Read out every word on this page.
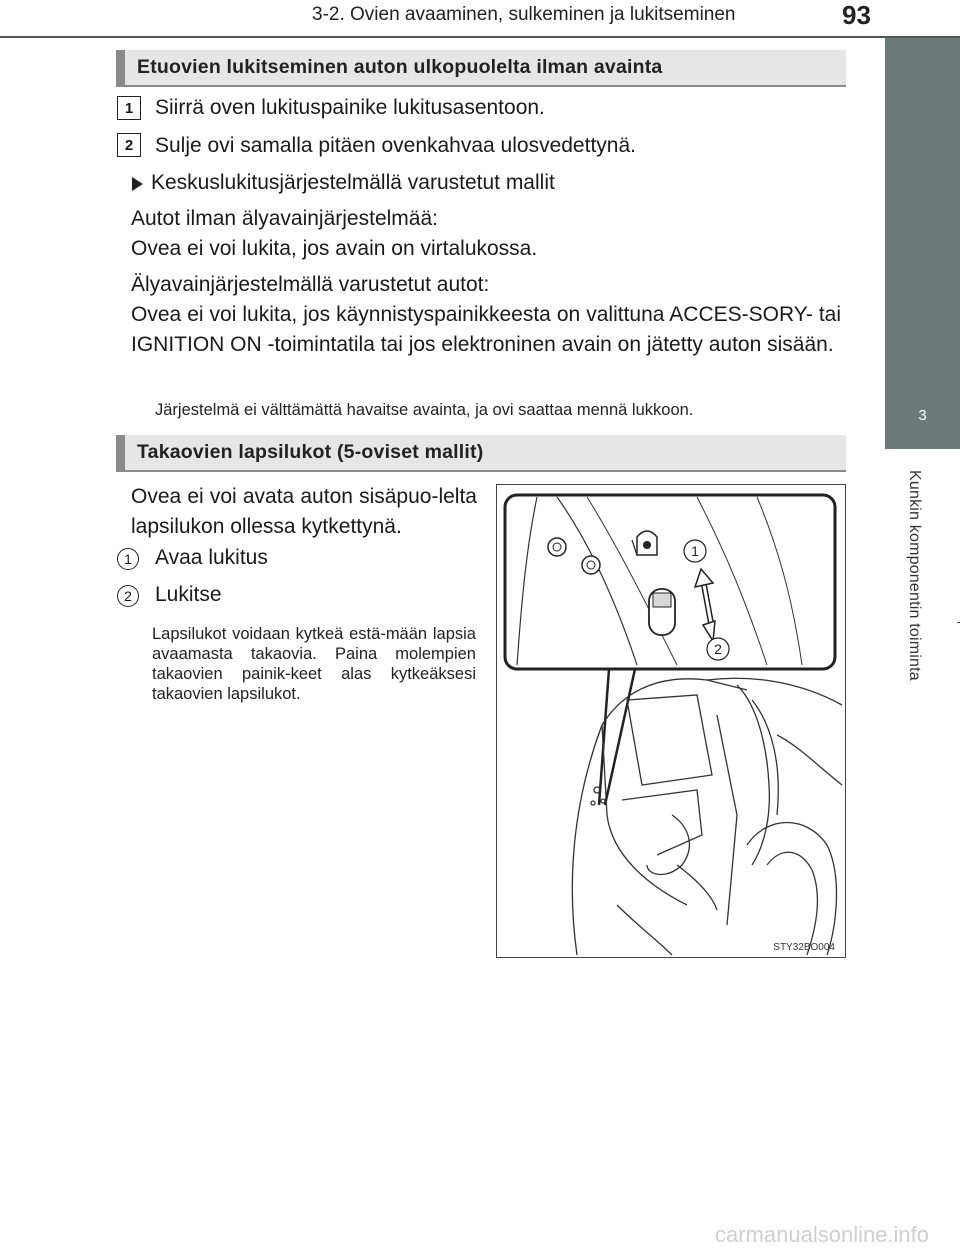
3-2. Ovien avaaminen, sulkeminen ja lukitseminen	93
3
Kunkin komponentin toiminta
Etuovien lukitseminen auton ulkopuolelta ilman avainta
1	Siirrä oven lukituspainike lukitusasentoon.
2	Sulje ovi samalla pitäen ovenkahvaa ulosvedettynä.
Keskuslukitusjärjestelmällä varustetut mallit
Autot ilman älyavainjärjestelmää:
Ovea ei voi lukita, jos avain on virtalukossa.
Älyavainjärjestelmällä varustetut autot:
Ovea ei voi lukita, jos käynnistyspainikkeesta on valittuna ACCES-SORY- tai IGNITION ON -toimintatila tai jos elektroninen avain on jätetty auton sisään.
Järjestelmä ei välttämättä havaitse avainta, ja ovi saattaa mennä lukkoon.
Takaovien lapsilukot (5-oviset mallit)
Ovea ei voi avata auton sisäpuo-lelta lapsilukon ollessa kytkettynä.
1	Avaa lukitus
2	Lukitse
Lapsilukot voidaan kytkeä estä-mään lapsia avaamasta takaovia. Paina molempien takaovien painik-keet alas kytkeäksesi takaovien lapsilukot.
1
2
STY32BO004
carmanualsonline.info
